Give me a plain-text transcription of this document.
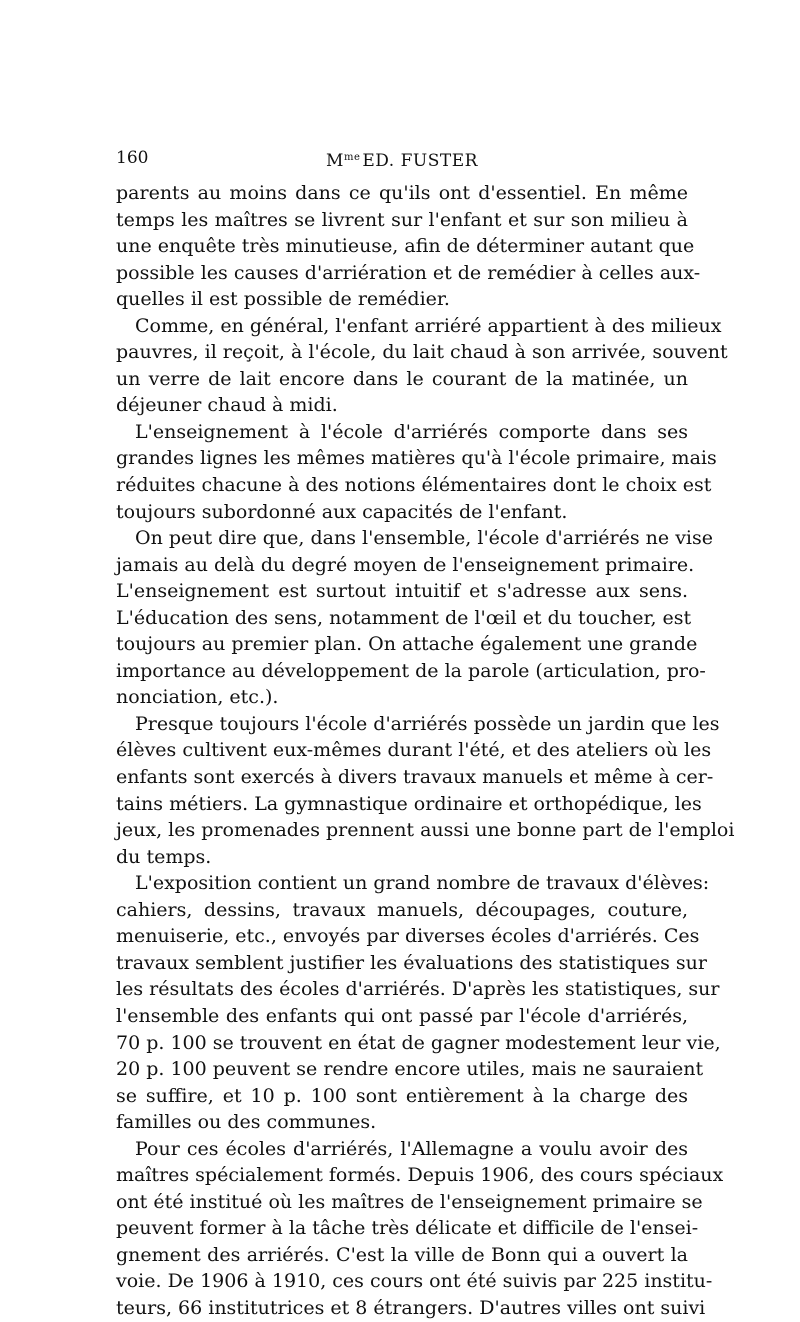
160	$M^{me}$ ED. FUSTER
parents au moins dans ce qu'ils ont d'essentiel. En même
temps les maîtres se livrent sur l'enfant et sur son milieu à
une enquête très minutieuse, afin de déterminer autant que
possible les causes d'arriération et de remédier à celles aux-
quelles il est possible de remédier.
Comme, en général, l'enfant arriéré appartient à des milieux
pauvres, il reçoit, à l'école, du lait chaud à son arrivée, souvent
un verre de lait encore dans le courant de la matinée, un
déjeuner chaud à midi.
L'enseignement à l'école d'arriérés comporte dans ses
grandes lignes les mêmes matières qu'à l'école primaire, mais
réduites chacune à des notions élémentaires dont le choix est
toujours subordonné aux capacités de l'enfant.
On peut dire que, dans l'ensemble, l'école d'arriérés ne vise
jamais au delà du degré moyen de l'enseignement primaire.
L'enseignement est surtout intuitif et s'adresse aux sens.
L'éducation des sens, notamment de l'œil et du toucher, est
toujours au premier plan. On attache également une grande
importance au développement de la parole (articulation, pro-
nonciation, etc.).
Presque toujours l'école d'arriérés possède un jardin que les
élèves cultivent eux-mêmes durant l'été, et des ateliers où les
enfants sont exercés à divers travaux manuels et même à cer-
tains métiers. La gymnastique ordinaire et orthopédique, les
jeux, les promenades prennent aussi une bonne part de l'emploi
du temps.
L'exposition contient un grand nombre de travaux d'élèves:
cahiers, dessins, travaux manuels, découpages, couture,
menuiserie, etc., envoyés par diverses écoles d'arriérés. Ces
travaux semblent justifier les évaluations des statistiques sur
les résultats des écoles d'arriérés. D'après les statistiques, sur
l'ensemble des enfants qui ont passé par l'école d'arriérés,
70 p. 100 se trouvent en état de gagner modestement leur vie,
20 p. 100 peuvent se rendre encore utiles, mais ne sauraient
se suffire, et 10 p. 100 sont entièrement à la charge des
familles ou des communes.
Pour ces écoles d'arriérés, l'Allemagne a voulu avoir des
maîtres spécialement formés. Depuis 1906, des cours spéciaux
ont été institué où les maîtres de l'enseignement primaire se
peuvent former à la tâche très délicate et difficile de l'ensei-
gnement des arriérés. C'est la ville de Bonn qui a ouvert la
voie. De 1906 à 1910, ces cours ont été suivis par 225 institu-
teurs, 66 institutrices et 8 étrangers. D'autres villes ont suivi
